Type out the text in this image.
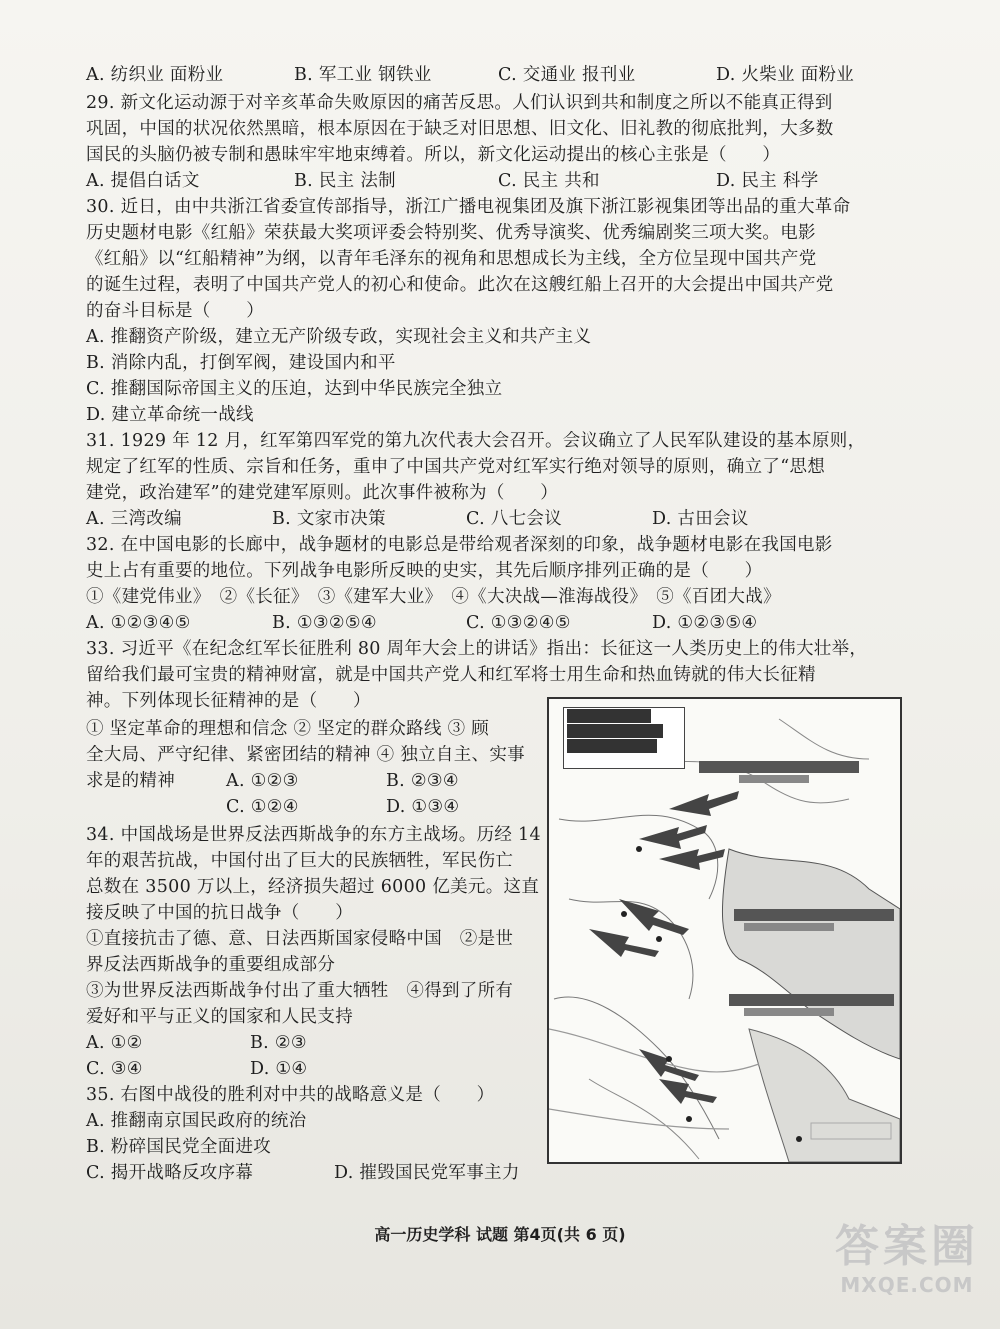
A. 纺织业 面粉业	B. 军工业 钢铁业	C. 交通业 报刊业	D. 火柴业 面粉业
29. 新文化运动源于对辛亥革命失败原因的痛苦反思。人们认识到共和制度之所以不能真正得到
巩固，中国的状况依然黑暗，根本原因在于缺乏对旧思想、旧文化、旧礼教的彻底批判，大多数
国民的头脑仍被专制和愚昧牢牢地束缚着。所以，新文化运动提出的核心主张是（　　）
A. 提倡白话文	B. 民主 法制	C. 民主 共和	D. 民主 科学
30. 近日，由中共浙江省委宣传部指导，浙江广播电视集团及旗下浙江影视集团等出品的重大革命
历史题材电影《红船》荣获最大奖项评委会特别奖、优秀导演奖、优秀编剧奖三项大奖。电影
《红船》以“红船精神”为纲，以青年毛泽东的视角和思想成长为主线，全方位呈现中国共产党
的诞生过程，表明了中国共产党人的初心和使命。此次在这艘红船上召开的大会提出中国共产党
的奋斗目标是（　　）
A. 推翻资产阶级，建立无产阶级专政，实现社会主义和共产主义
B. 消除内乱，打倒军阀，建设国内和平
C. 推翻国际帝国主义的压迫，达到中华民族完全独立
D. 建立革命统一战线
31. 1929 年 12 月，红军第四军党的第九次代表大会召开。会议确立了人民军队建设的基本原则，
规定了红军的性质、宗旨和任务，重申了中国共产党对红军实行绝对领导的原则，确立了“思想
建党，政治建军”的建党建军原则。此次事件被称为（　　）
A. 三湾改编	B. 文家市决策	C. 八七会议	D. 古田会议
32. 在中国电影的长廊中，战争题材的电影总是带给观者深刻的印象，战争题材电影在我国电影
史上占有重要的地位。下列战争电影所反映的史实，其先后顺序排列正确的是（　　）
①《建党伟业》　②《长征》　③《建军大业》　④《大决战—淮海战役》　⑤《百团大战》
A. ①②③④⑤	B. ①③②⑤④	C. ①③②④⑤	D. ①②③⑤④
33. 习近平《在纪念红军长征胜利 80 周年大会上的讲话》指出：长征这一人类历史上的伟大壮举，
留给我们最可宝贵的精神财富，就是中国共产党人和红军将士用生命和热血铸就的伟大长征精
神。下列体现长征精神的是（　　）
① 坚定革命的理想和信念 ② 坚定的群众路线 ③ 顾
全大局、严守纪律、紧密团结的精神 ④ 独立自主、实事
求是的精神	A. ①②③	B. ②③④
C. ①②④	D. ①③④
34. 中国战场是世界反法西斯战争的东方主战场。历经 14
年的艰苦抗战，中国付出了巨大的民族牺牲，军民伤亡
总数在 3500 万以上，经济损失超过 6000 亿美元。这直
接反映了中国的抗日战争（　　）
①直接抗击了德、意、日法西斯国家侵略中国　②是世
界反法西斯战争的重要组成部分
③为世界反法西斯战争付出了重大牺牲　④得到了所有
爱好和平与正义的国家和人民支持
A. ①②	B. ②③
C. ③④	D. ①④
35. 右图中战役的胜利对中共的战略意义是（　　）
A. 推翻南京国民政府的统治
B. 粉碎国民党全面进攻
C. 揭开战略反攻序幕	D. 摧毁国民党军事主力
高一历史学科 试题 第4页(共 6 页)	答案圈
MXQE.COM
